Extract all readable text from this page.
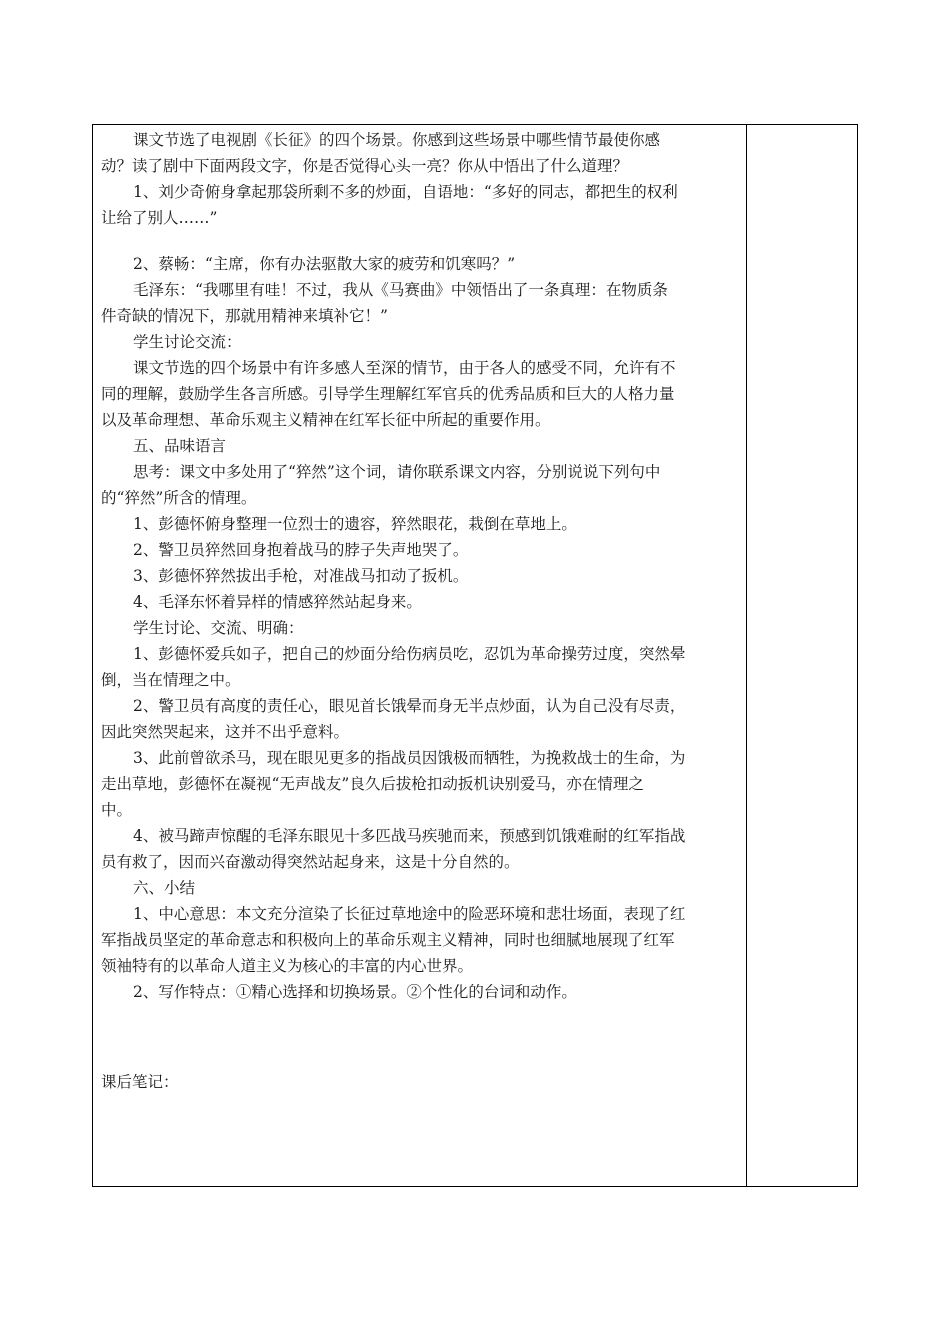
课文节选了电视剧《长征》的四个场景。你感到这些场景中哪些情节最使你感
动？读了剧中下面两段文字，你是否觉得心头一亮？你从中悟出了什么道理？
1、刘少奇俯身拿起那袋所剩不多的炒面，自语地：“多好的同志，都把生的权利
让给了别人……”
2、蔡畅：“主席，你有办法驱散大家的疲劳和饥寒吗？”
毛泽东：“我哪里有哇！不过，我从《马赛曲》中领悟出了一条真理：在物质条
件奇缺的情况下，那就用精神来填补它！”
学生讨论交流：
课文节选的四个场景中有许多感人至深的情节，由于各人的感受不同，允许有不
同的理解，鼓励学生各言所感。引导学生理解红军官兵的优秀品质和巨大的人格力量
以及革命理想、革命乐观主义精神在红军长征中所起的重要作用。
五、品味语言
思考：课文中多处用了“猝然”这个词，请你联系课文内容，分别说说下列句中
的“猝然”所含的情理。
1、彭德怀俯身整理一位烈士的遗容，猝然眼花，栽倒在草地上。
2、警卫员猝然回身抱着战马的脖子失声地哭了。
3、彭德怀猝然拔出手枪，对准战马扣动了扳机。
4、毛泽东怀着异样的情感猝然站起身来。
学生讨论、交流、明确：
1、彭德怀爱兵如子，把自己的炒面分给伤病员吃，忍饥为革命操劳过度，突然晕
倒，当在情理之中。
2、警卫员有高度的责任心，眼见首长饿晕而身无半点炒面，认为自己没有尽责，
因此突然哭起来，这并不出乎意料。
3、此前曾欲杀马，现在眼见更多的指战员因饿极而牺牲，为挽救战士的生命，为
走出草地，彭德怀在凝视“无声战友”良久后拔枪扣动扳机诀别爱马，亦在情理之
中。
4、被马蹄声惊醒的毛泽东眼见十多匹战马疾驰而来，预感到饥饿难耐的红军指战
员有救了，因而兴奋激动得突然站起身来，这是十分自然的。
六、小结
1、中心意思：本文充分渲染了长征过草地途中的险恶环境和悲壮场面，表现了红
军指战员坚定的革命意志和积极向上的革命乐观主义精神，同时也细腻地展现了红军
领袖特有的以革命人道主义为核心的丰富的内心世界。
2、写作特点：①精心选择和切换场景。②个性化的台词和动作。
课后笔记：
